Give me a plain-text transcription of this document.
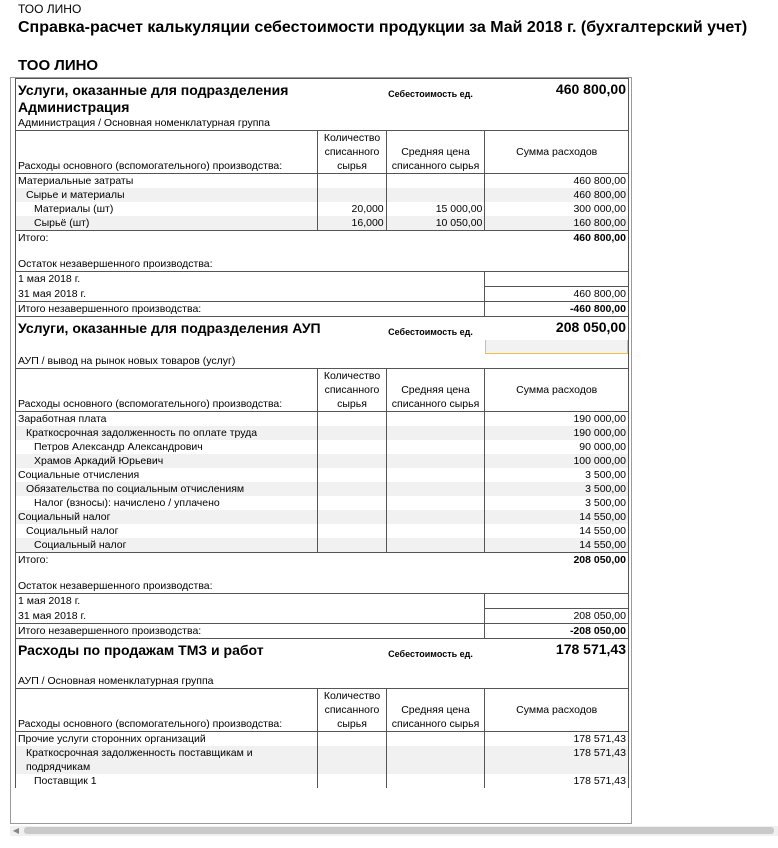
ТОО ЛИНО
Справка-расчет калькуляции себестоимости продукции за Май 2018 г. (бухгалтерский учет)
ТОО ЛИНО
Услуги, оказанные для подразделения Администрация		Себестоимость ед.	460 800,00

Администрация / Основная номенклатурная группа			
Расходы основного (вспомогательного) производства:	Количество списанного сырья	Средняя цена списанного сырья	Сумма расходов
Материальные затраты			460 800,00
Сырье и материалы			460 800,00
Материалы (шт)	20,000	15 000,00	300 000,00
Сырьё (шт)	16,000	10 050,00	160 800,00
Итого:			460 800,00

Остаток незавершенного производства:			
1 мая 2018 г.			
31 мая 2018 г.			460 800,00
Итого незавершенного производства:			-460 800,00
Услуги, оказанные для подразделения АУП		Себестоимость ед.	208 050,00

АУП / вывод на рынок новых товаров (услуг)			
Расходы основного (вспомогательного) производства:	Количество списанного сырья	Средняя цена списанного сырья	Сумма расходов
Заработная плата			190 000,00
Краткосрочная задолженность по оплате труда			190 000,00
Петров Александр Александрович			90 000,00
Храмов Аркадий Юрьевич			100 000,00
Социальные отчисления			3 500,00
Обязательства по социальным отчислениям			3 500,00
Налог (взносы): начислено / уплачено			3 500,00
Социальный налог			14 550,00
Социальный налог			14 550,00
Социальный налог			14 550,00
Итого:			208 050,00

Остаток незавершенного производства:			
1 мая 2018 г.			
31 мая 2018 г.			208 050,00
Итого незавершенного производства:			-208 050,00
Расходы по продажам ТМЗ и работ		Себестоимость ед.	178 571,43

АУП / Основная номенклатурная группа			
Расходы основного (вспомогательного) производства:	Количество списанного сырья	Средняя цена списанного сырья	Сумма расходов
Прочие услуги сторонних организаций			178 571,43
Краткосрочная задолженность поставщикам и подрядчикам			178 571,43
Поставщик 1			178 571,43
◀
